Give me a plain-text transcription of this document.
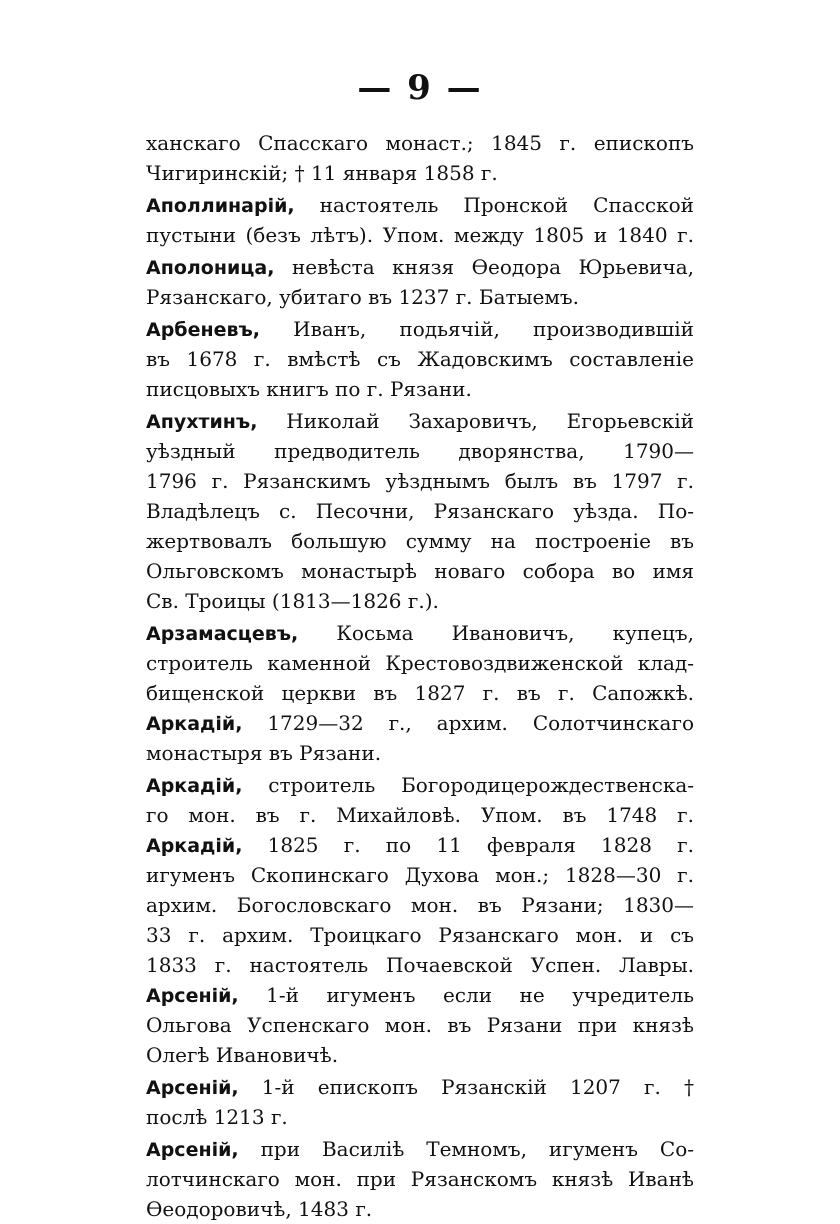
— 9 —
ханскаго Спасскаго монаст.; 1845 г. епископъ
Чигиринскій; † 11 января 1858 г.
Аполлинарій, настоятель Пронской Спасской
пустыни (безъ лѣтъ). Упом. между 1805 и 1840 г.
Аполоница, невѣста князя Ѳеодора Юрьевича,
Рязанскаго, убитаго въ 1237 г. Батыемъ.
Арбеневъ, Иванъ, подьячій, производившій
въ 1678 г. вмѣстѣ съ Жадовскимъ составленіе
писцовыхъ книгъ по г. Рязани.
Апухтинъ, Николай Захаровичъ, Егорьевскій
уѣздный предводитель дворянства, 1790—
1796 г. Рязанскимъ уѣзднымъ былъ въ 1797 г.
Владѣлецъ с. Песочни, Рязанскаго уѣзда. По-
жертвовалъ большую сумму на построеніе въ
Ольговскомъ монастырѣ новаго собора во имя
Св. Троицы (1813—1826 г.).
Арзамасцевъ, Косьма Ивановичъ, купецъ,
строитель каменной Крестовоздвиженской клад-
бищенской церкви въ 1827 г. въ г. Сапожкѣ.
Аркадій, 1729—32 г., архим. Солотчинскаго
монастыря въ Рязани.
Аркадій, строитель Богородицерождественска-
го мон. въ г. Михайловѣ. Упом. въ 1748 г.
Аркадій, 1825 г. по 11 февраля 1828 г.
игуменъ Скопинскаго Духова мон.; 1828—30 г.
архим. Богословскаго мон. въ Рязани; 1830—
33 г. архим. Троицкаго Рязанскаго мон. и съ
1833 г. настоятель Почаевской Успен. Лавры.
Арсеній, 1-й игуменъ если не учредитель
Ольгова Успенскаго мон. въ Рязани при князѣ
Олегѣ Ивановичѣ.
Арсеній, 1-й епископъ Рязанскій 1207 г. †
послѣ 1213 г.
Арсеній, при Василіѣ Темномъ, игуменъ Со-
лотчинскаго мон. при Рязанскомъ князѣ Иванѣ
Ѳеодоровичѣ, 1483 г.
